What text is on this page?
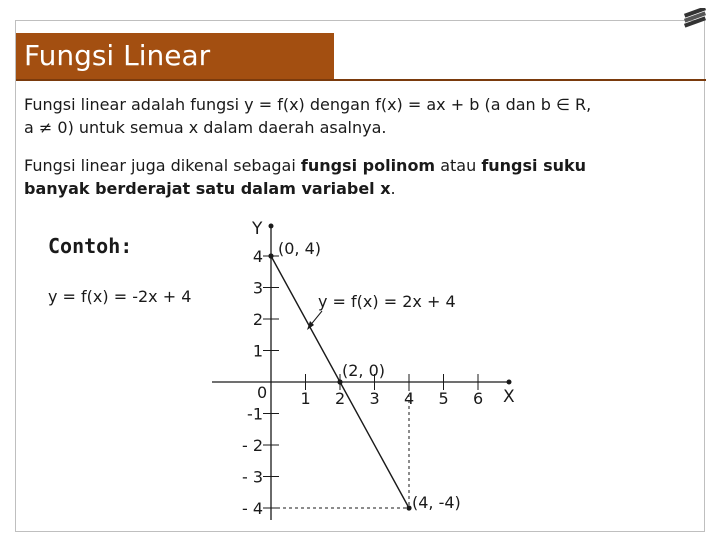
Fungsi Linear
Fungsi linear adalah fungsi y = f(x) dengan f(x) = ax + b (a dan b ∈ R,
a ≠ 0) untuk semua x dalam daerah asalnya.
Fungsi linear juga dikenal sebagai fungsi polinom atau fungsi suku
banyak berderajat satu dalam variabel x.
Contoh:
y = f(x) = -2x + 4
1 2 3 4 5 6
0
4
3
2
1
-1
- 2
- 3
- 4
X
Y
(0, 4)
(2, 0)
(4, -4)
y = f(x) = 2x + 4
